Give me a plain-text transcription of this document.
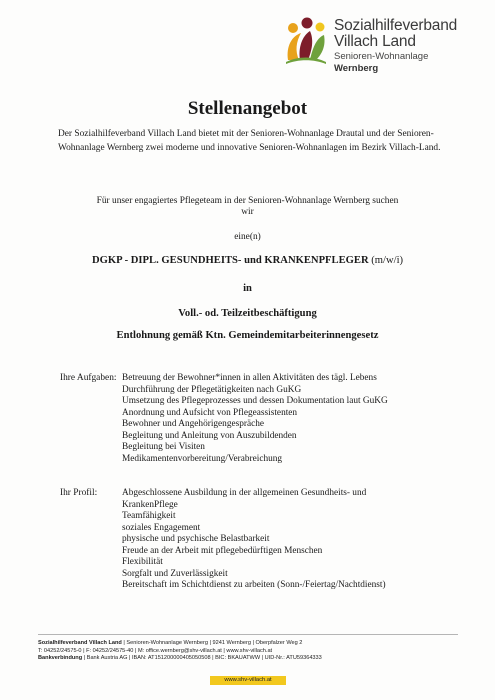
Sozialhilfeverband
Villach Land
Senioren-Wohnanlage Wernberg
Stellenangebot

Der Sozialhilfeverband Villach Land bietet mit der Senioren-Wohnanlage Drautal und der Senioren-Wohnanlage Wernberg zwei moderne und innovative Senioren-Wohnanlagen im Bezirk Villach-Land.

Für unser engagiertes Pflegeteam in der Senioren-Wohnanlage Wernberg suchen
wir
eine(n)
DGKP - DIPL. GESUNDHEITS- und KRANKENPFLEGER (m/w/i)
in
Voll.- od. Teilzeitbeschäftigung
Entlohnung gemäß Ktn. Gemeindemitarbeiterinnengesetz
Ihre Aufgaben: Betreuung der Bewohner*innen in allen Aktivitäten des tägl. Lebens
Durchführung der Pflegetätigkeiten nach GuKG
Umsetzung des Pflegeprozesses und dessen Dokumentation laut GuKG
Anordnung und Aufsicht von Pflegeassistenten
Bewohner und Angehörigengespräche
Begleitung und Anleitung von Auszubildenden
Begleitung bei Visiten
Medikamentenvorbereitung/Verabreichung
Ihr Profil:	Abgeschlossene Ausbildung in der allgemeinen Gesundheits- und KrankenPflege
Teamfähigkeit
soziales Engagement
physische und psychische Belastbarkeit
Freude an der Arbeit mit pflegebedürftigen Menschen
Flexibilität
Sorgfalt und Zuverlässigkeit
Bereitschaft im Schichtdienst zu arbeiten (Sonn-/Feiertag/Nachtdienst)
Sozialhilfeverband Villach Land | Senioren-Wohnanlage Wernberg | 9241 Wernberg | Oberpfalzer Weg 2
T: 04252/24575-0 | F: 04252/24575-40 | M: office.wernberg@shv-villach.at | www.shv-villach.at
Bankverbindung | Bank Austria AG | IBAN: AT151200000405050508 | BIC: BKAUATWW | UID-Nr.: ATU59364333
www.shv-villach.at
